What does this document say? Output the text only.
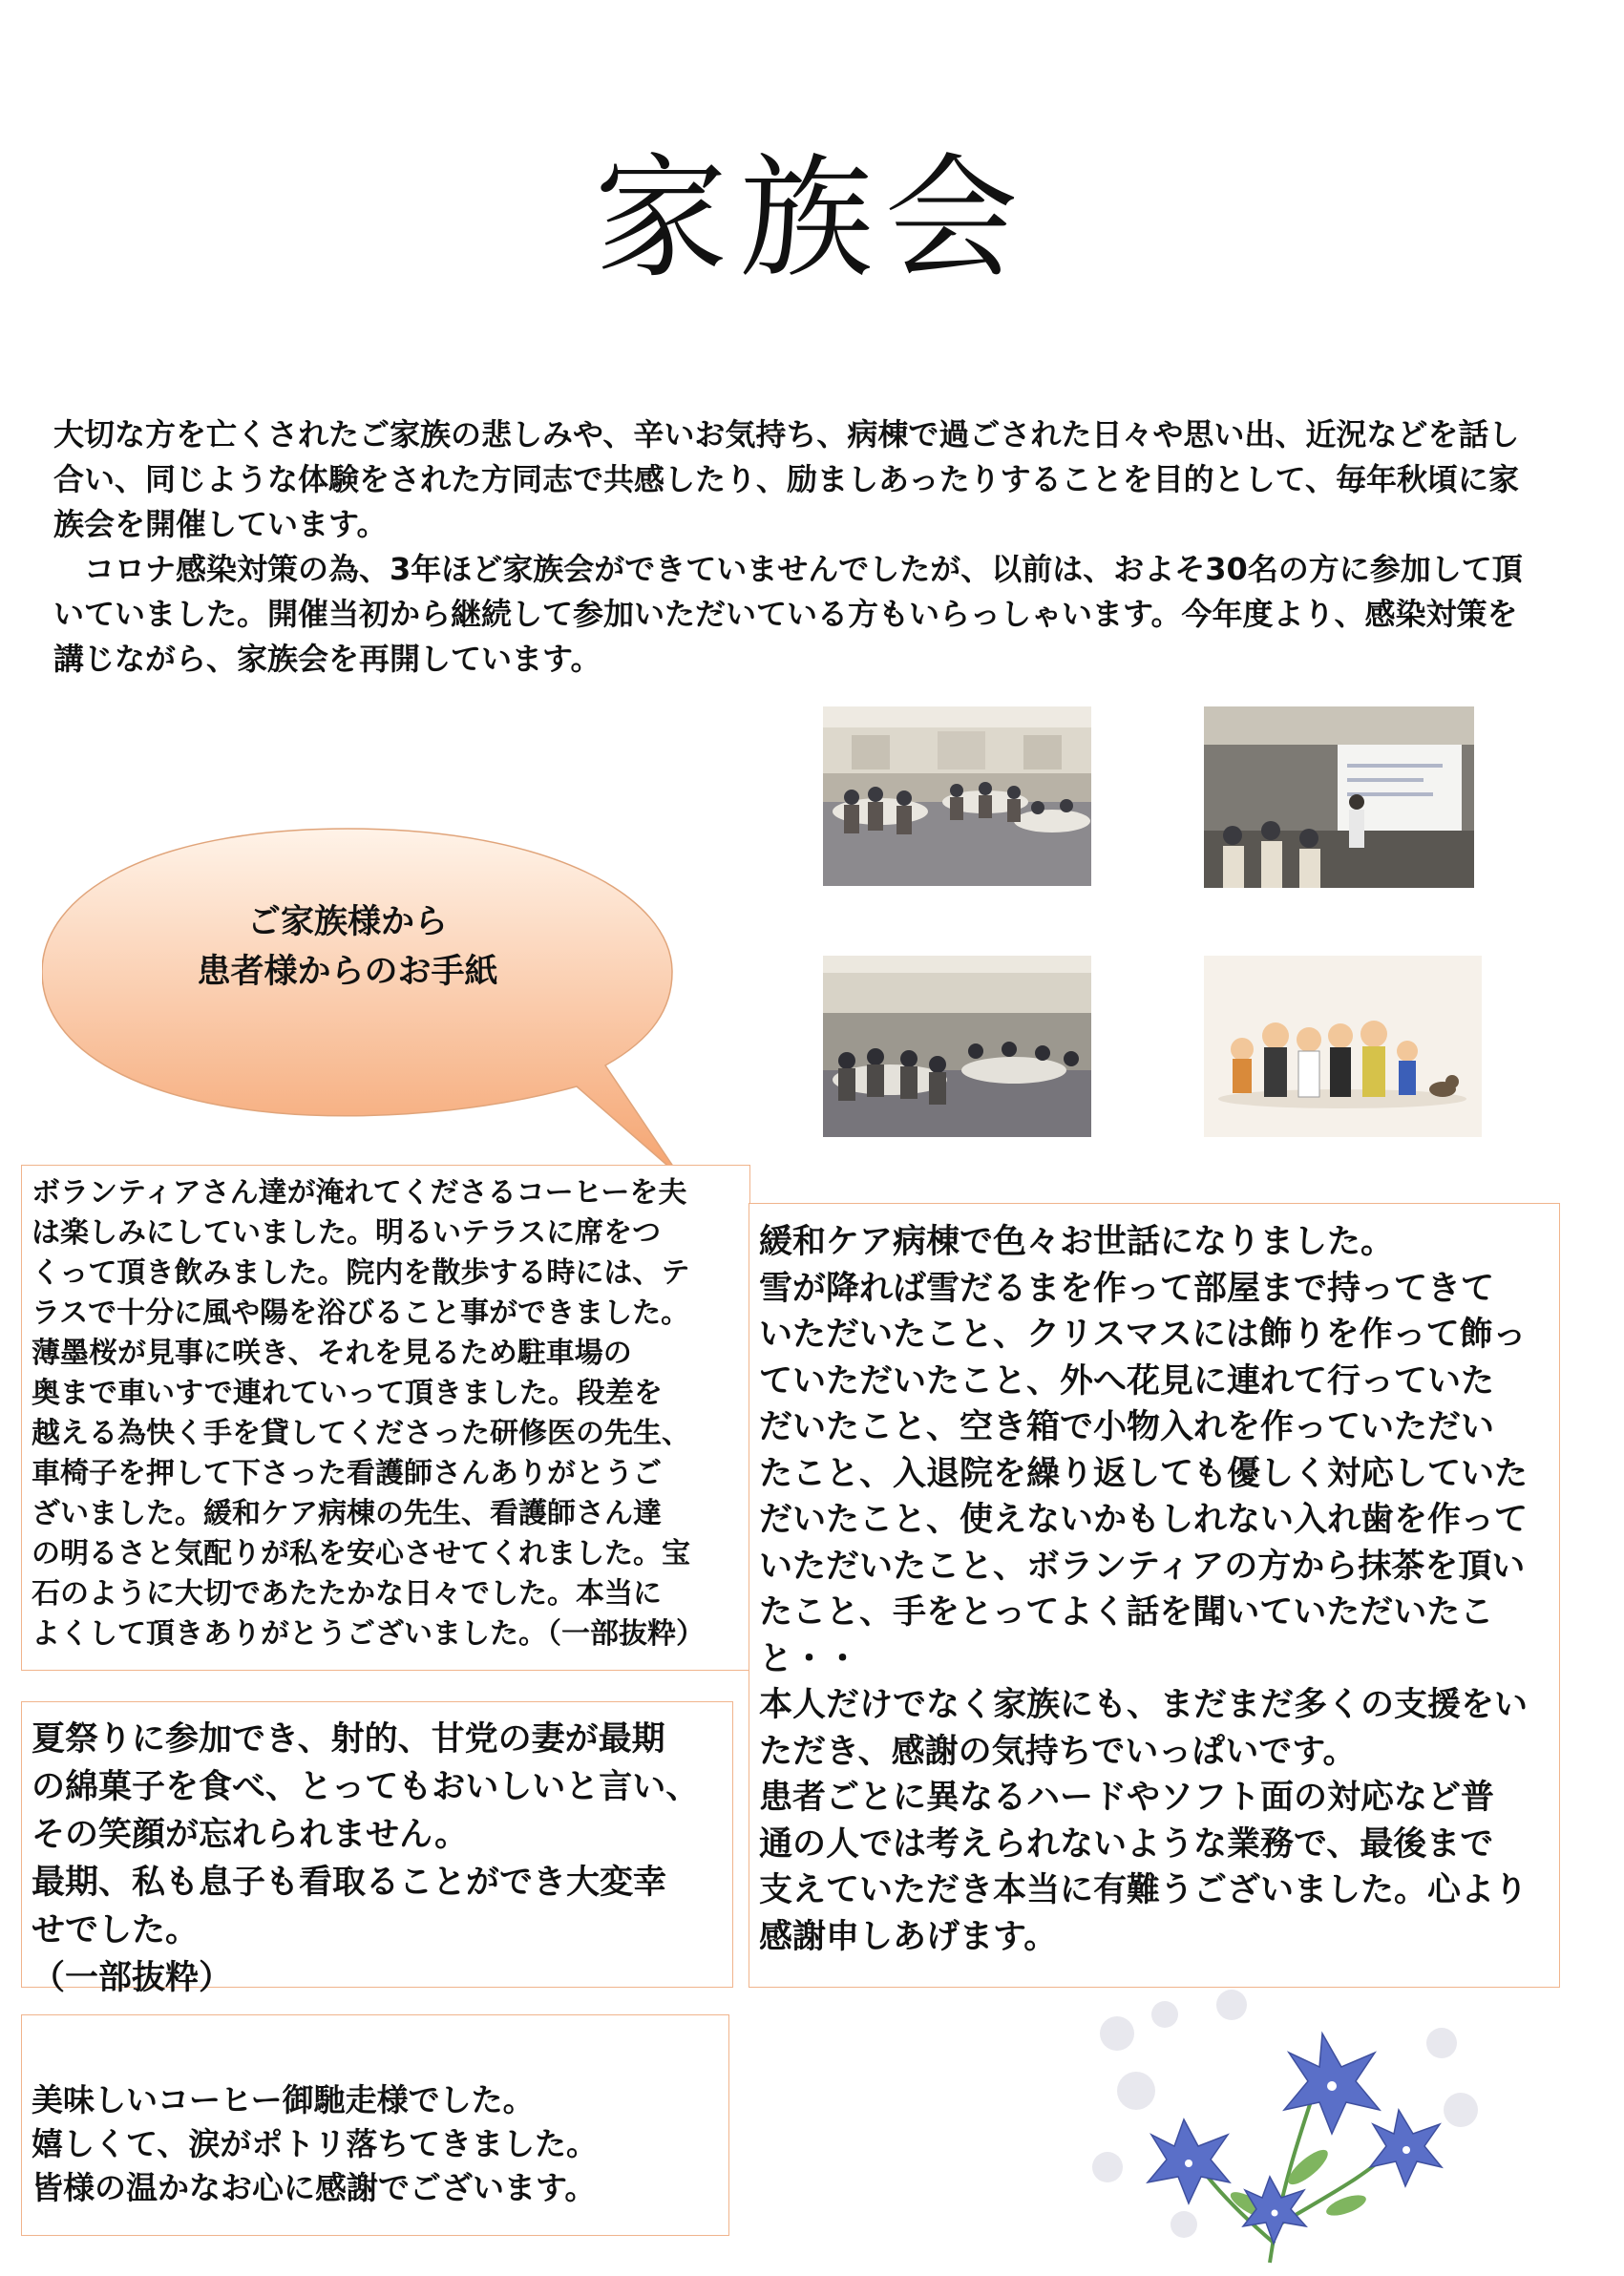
家族会

大切な方を亡くされたご家族の悲しみや、辛いお気持ち、病棟で過ごされた日々や思い出、近況などを話し合い、同じような体験をされた方同志で共感したり、励ましあったりすることを目的として、毎年秋頃に家族会を開催しています。

コロナ感染対策の為、3年ほど家族会ができていませんでしたが、以前は、およそ30名の方に参加して頂いていました。開催当初から継続して参加いただいている方もいらっしゃいます。今年度より、感染対策を講じながら、家族会を再開しています。

ご家族様から
患者様からのお手紙
ボランティアさん達が淹れてくださるコーヒーを夫
は楽しみにしていました。明るいテラスに席をつ
くって頂き飲みました。院内を散歩する時には、テ
ラスで十分に風や陽を浴びること事ができました。
薄墨桜が見事に咲き、それを見るため駐車場の
奥まで車いすで連れていって頂きました。段差を
越える為快く手を貸してくださった研修医の先生、
車椅子を押して下さった看護師さんありがとうご
ざいました。緩和ケア病棟の先生、看護師さん達
の明るさと気配りが私を安心させてくれました。宝
石のように大切であたたかな日々でした。本当に
よくして頂きありがとうございました。（一部抜粋）
夏祭りに参加でき、射的、甘党の妻が最期
の綿菓子を食べ、とってもおいしいと言い、
その笑顔が忘れられません。
最期、私も息子も看取ることができ大変幸
せでした。
（一部抜粋）
美味しいコーヒー御馳走様でした。
嬉しくて、涙がポトリ落ちてきました。
皆様の温かなお心に感謝でございます。
緩和ケア病棟で色々お世話になりました。
雪が降れば雪だるまを作って部屋まで持ってきて
いただいたこと、クリスマスには飾りを作って飾っ
ていただいたこと、外へ花見に連れて行っていた
だいたこと、空き箱で小物入れを作っていただい
たこと、入退院を繰り返しても優しく対応していた
だいたこと、使えないかもしれない入れ歯を作って
いただいたこと、ボランティアの方から抹茶を頂い
たこと、手をとってよく話を聞いていただいたこ
と・・
本人だけでなく家族にも、まだまだ多くの支援をい
ただき、感謝の気持ちでいっぱいです。
患者ごとに異なるハードやソフト面の対応など普
通の人では考えられないような業務で、最後まで
支えていただき本当に有難うございました。心より
感謝申しあげます。
